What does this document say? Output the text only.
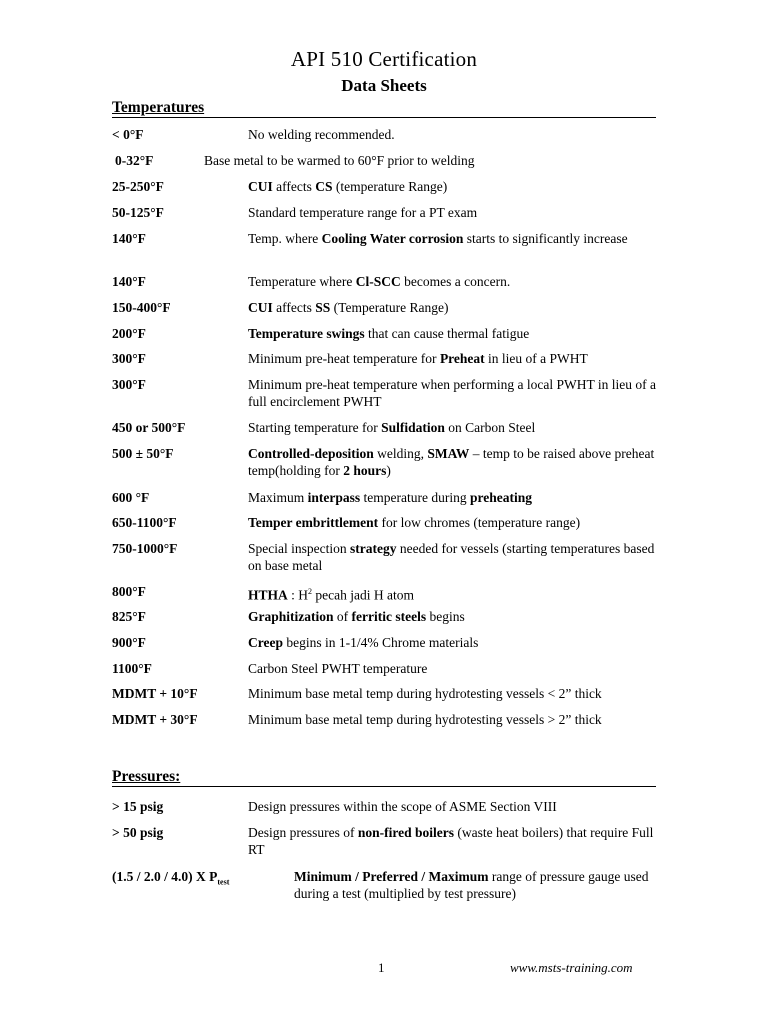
API 510 Certification
Data Sheets
Temperatures
< 0°F	No welding recommended.
0-32°F	Base metal to be warmed to 60°F prior to welding
25-250°F	CUI affects CS (temperature Range)
50-125°F	Standard temperature range for a PT exam
140°F	Temp. where Cooling Water corrosion starts to significantly increase
140°F	Temperature where Cl-SCC becomes a concern.
150-400°F	CUI affects SS (Temperature Range)
200°F	Temperature swings that can cause thermal fatigue
300°F	Minimum pre-heat temperature for Preheat in lieu of a PWHT
300°F	Minimum pre-heat temperature when performing a local PWHT in lieu of a full encirclement PWHT
450 or 500°F	Starting temperature for Sulfidation on Carbon Steel
500 ± 50°F	Controlled-deposition welding, SMAW – temp to be raised above preheat temp(holding for 2 hours)
600 °F	Maximum interpass temperature during preheating
650-1100°F	Temper embrittlement for low chromes (temperature range)
750-1000°F	Special inspection strategy needed for vessels (starting temperatures based on base metal
800°F	HTHA : $H^2$ pecah jadi H atom
825°F	Graphitization of ferritic steels begins
900°F	Creep begins in 1-1/4% Chrome materials
1100°F	Carbon Steel PWHT temperature
MDMT + 10°F	Minimum base metal temp during hydrotesting vessels < 2” thick
MDMT + 30°F	Minimum base metal temp during hydrotesting vessels > 2” thick
Pressures:
> 15 psig	Design pressures within the scope of ASME Section VIII
> 50 psig	Design pressures of non-fired boilers (waste heat boilers) that require Full RT
(1.5 / 2.0 / 4.0) X $P_{test}$	Minimum / Preferred / Maximum range of pressure gauge used during a test (multiplied by test pressure)
1	www.msts-training.com
